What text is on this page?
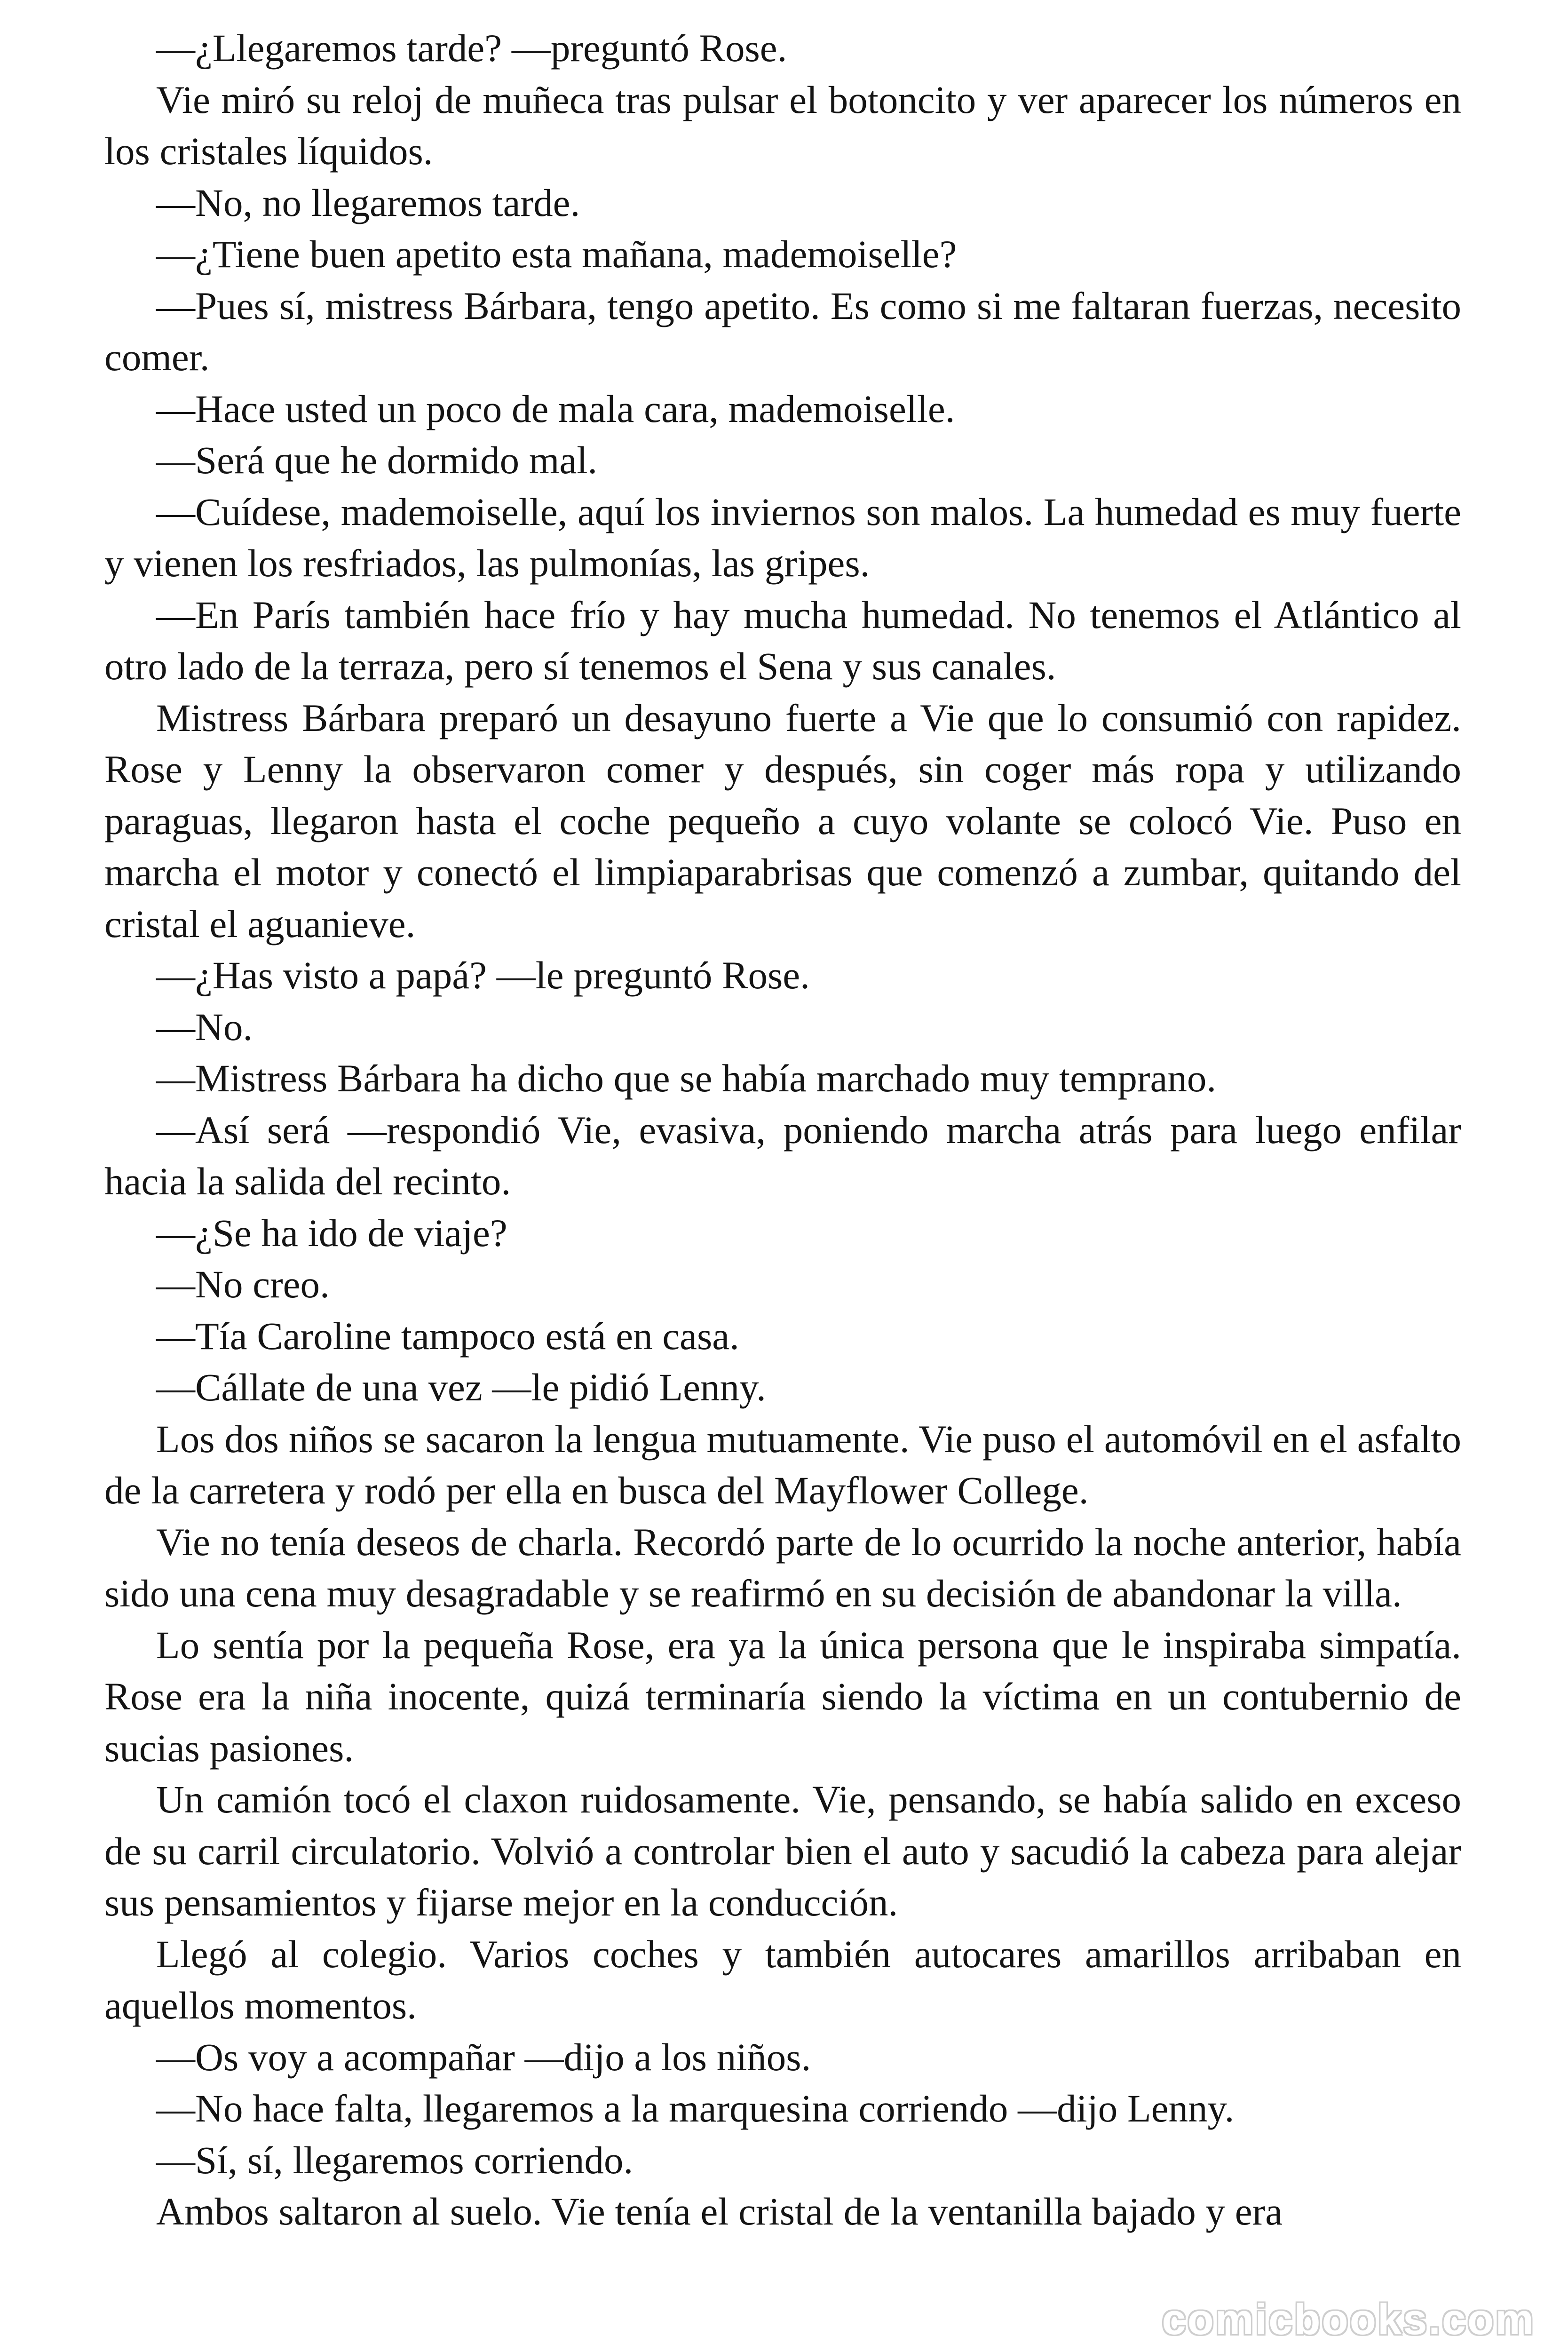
—¿Llegaremos tarde? —preguntó Rose.

Vie miró su reloj de muñeca tras pulsar el botoncito y ver aparecer los números en los cristales líquidos.

—No, no llegaremos tarde.

—¿Tiene buen apetito esta mañana, mademoiselle?

—Pues sí, mistress Bárbara, tengo apetito. Es como si me faltaran fuerzas, necesito comer.

—Hace usted un poco de mala cara, mademoiselle.

—Será que he dormido mal.

—Cuídese, mademoiselle, aquí los inviernos son malos. La humedad es muy fuerte y vienen los resfriados, las pulmonías, las gripes.

—En París también hace frío y hay mucha humedad. No tenemos el Atlántico al otro lado de la terraza, pero sí tenemos el Sena y sus canales.

Mistress Bárbara preparó un desayuno fuerte a Vie que lo consumió con rapidez. Rose y Lenny la observaron comer y después, sin coger más ropa y utilizando paraguas, llegaron hasta el coche pequeño a cuyo volante se colocó Vie. Puso en marcha el motor y conectó el limpiaparabrisas que comenzó a zumbar, quitando del cristal el aguanieve.

—¿Has visto a papá? —le preguntó Rose.

—No.

—Mistress Bárbara ha dicho que se había marchado muy temprano.

—Así será —respondió Vie, evasiva, poniendo marcha atrás para luego enfilar hacia la salida del recinto.

—¿Se ha ido de viaje?

—No creo.

—Tía Caroline tampoco está en casa.

—Cállate de una vez —le pidió Lenny.

Los dos niños se sacaron la lengua mutuamente. Vie puso el automóvil en el asfalto de la carretera y rodó per ella en busca del Mayflower College.

Vie no tenía deseos de charla. Recordó parte de lo ocurrido la noche anterior, había sido una cena muy desagradable y se reafirmó en su decisión de abandonar la villa.

Lo sentía por la pequeña Rose, era ya la única persona que le inspiraba simpatía. Rose era la niña inocente, quizá terminaría siendo la víctima en un contubernio de sucias pasiones.

Un camión tocó el claxon ruidosamente. Vie, pensando, se había salido en exceso de su carril circulatorio. Volvió a controlar bien el auto y sacudió la cabeza para alejar sus pensamientos y fijarse mejor en la conducción.

Llegó al colegio. Varios coches y también autocares amarillos arribaban en aquellos momentos.

—Os voy a acompañar —dijo a los niños.

—No hace falta, llegaremos a la marquesina corriendo —dijo Lenny.

—Sí, sí, llegaremos corriendo.

Ambos saltaron al suelo. Vie tenía el cristal de la ventanilla bajado y era

comicbooks.com
